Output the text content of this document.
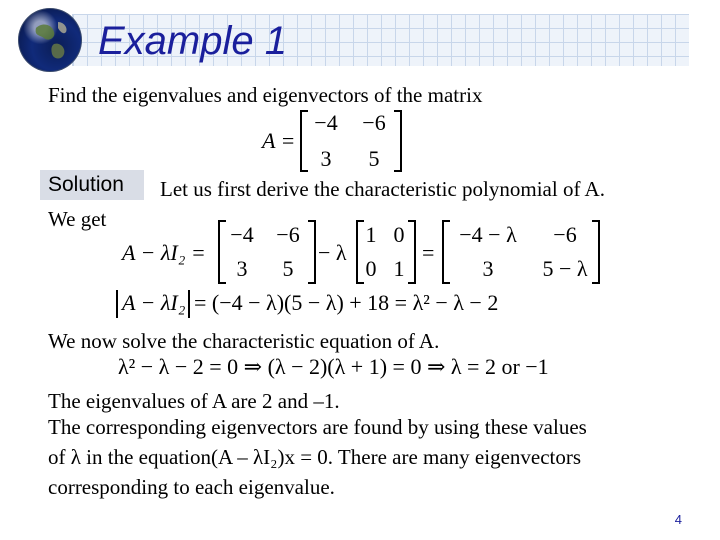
Example 1
Find the eigenvalues and eigenvectors of the matrix
A =
−4	−6
3	5
Solution	Let us first derive the characteristic polynomial of A.
We get
A − λI₂ =
−4	−6
3	5
− λ
1 0
0 1
=
−4 − λ	−6
3	5 − λ
A − λI₂ = (−4 − λ)(5 − λ) + 18 = λ² − λ − 2
We now solve the characteristic equation of A.
λ² − λ − 2 = 0 ⇒ (λ − 2)(λ + 1) = 0 ⇒ λ = 2 or −1
The eigenvalues of A are 2 and –1.
The corresponding eigenvectors are found by using these values
of λ in the equation(A – λI₂)x = 0. There are many eigenvectors
corresponding to each eigenvalue.
4
